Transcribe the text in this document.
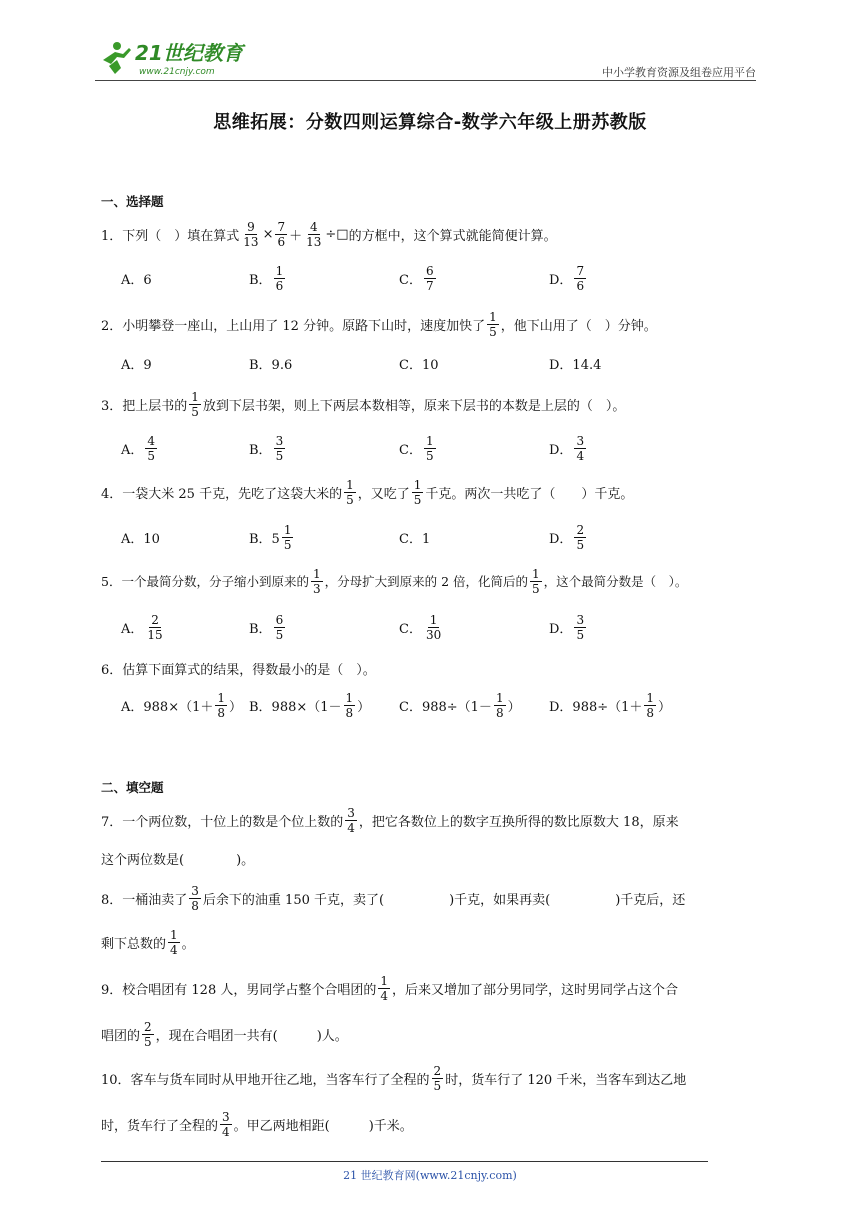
21世纪教育
www.21cnjy.com	中小学教育资源及组卷应用平台
思维拓展：分数四则运算综合-数学六年级上册苏教版
一、选择题
1．下列（　）填在算式 $\frac{9}{13} \times \frac{7}{6} + \frac{4}{13}$ ÷□ 的方框中，这个算式就能简便计算。
A．6	B． $\frac{1}{6}$	C． $\frac{6}{7}$	D． $\frac{7}{6}$
2．小明攀登一座山，上山用了 12 分钟。原路下山时，速度加快了 $\frac{1}{5}$ ，他下山用了（　）分钟。
A．9	B．9.6	C．10	D．14.4
3．把上层书的 $\frac{1}{5}$ 放到下层书架，则上下两层本数相等，原来下层书的本数是上层的（　）。
A． $\frac{4}{5}$	B． $\frac{3}{5}$	C． $\frac{1}{5}$	D． $\frac{3}{4}$
4．一袋大米 25 千克，先吃了这袋大米的 $\frac{1}{5}$ ，又吃了 $\frac{1}{5}$ 千克。两次一共吃了（　　）千克。
A．10	B．$5 \frac{1}{5}$	C．1	D． $\frac{2}{5}$
5．一个最简分数，分子缩小到原来的 $\frac{1}{3}$ ，分母扩大到原来的 2 倍，化简后的 $\frac{1}{5}$ ，这个最简分数是（　）。
A． $\frac{2}{15}$	B． $\frac{6}{5}$	C． $\frac{1}{30}$	D． $\frac{3}{5}$
6．估算下面算式的结果，得数最小的是（　）。
A．$988\times(1+ \frac{1}{8}$ ） B．$988\times(1- \frac{1}{8}$ ） C．$988\div(1- \frac{1}{8}$ ） D．$988\div(1+ \frac{1}{8}$ ）
二、填空题
7．一个两位数，十位上的数是个位上数的 $\frac{3}{4}$ ，把它各数位上的数字互换所得的数比原数大 18，原来
这个两位数是(　　　　)。
8．一桶油卖了 $\frac{3}{8}$ 后余下的油重 150 千克，卖了(　　　　　)千克，如果再卖(　　　　　)千克后，还
剩下总数的 $\frac{1}{4}$ 。
9．校合唱团有 128 人，男同学占整个合唱团的 $\frac{1}{4}$ ，后来又增加了部分男同学，这时男同学占这个合
唱团的 $\frac{2}{5}$ ，现在合唱团一共有(　　　)人。
10．客车与货车同时从甲地开往乙地，当客车行了全程的 $\frac{2}{5}$ 时，货车行了 120 千米，当客车到达乙地
时，货车行了全程的 $\frac{3}{4}$ 。甲乙两地相距(　　　)千米。
21 世纪教育网(www.21cnjy.com)
